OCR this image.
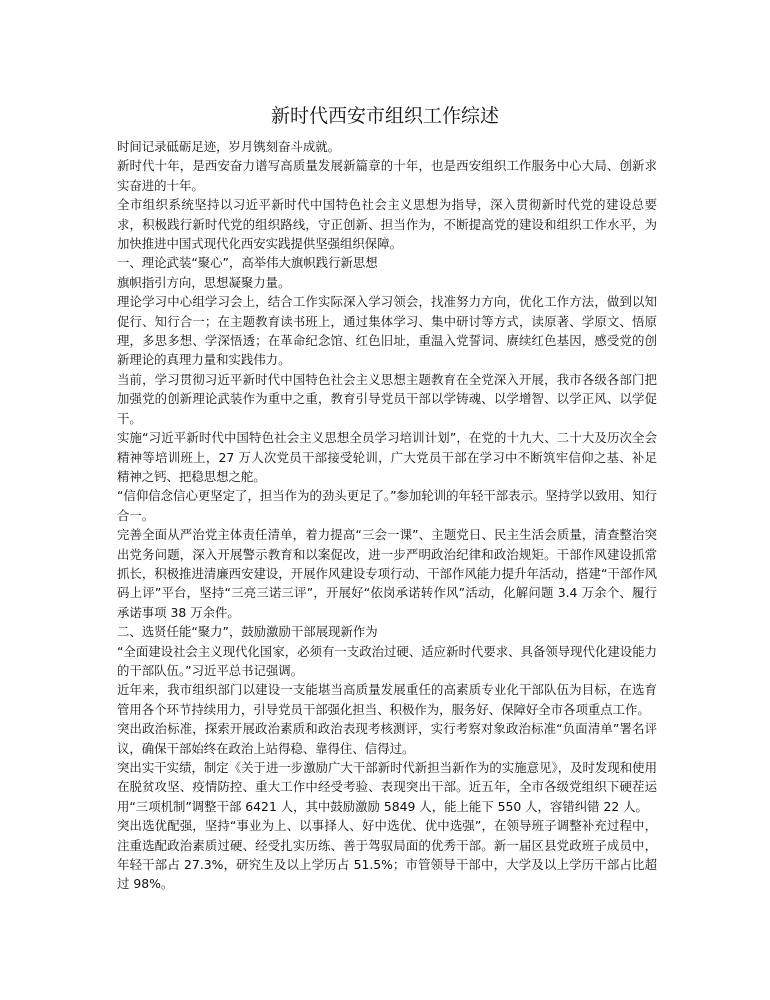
新时代西安市组织工作综述

时间记录砥砺足迹，岁月镌刻奋斗成就。

新时代十年，是西安奋力谱写高质量发展新篇章的十年，也是西安组织工作服务中心大局、创新求实奋进的十年。

全市组织系统坚持以习近平新时代中国特色社会主义思想为指导，深入贯彻新时代党的建设总要求，积极践行新时代党的组织路线，守正创新、担当作为，不断提高党的建设和组织工作水平，为加快推进中国式现代化西安实践提供坚强组织保障。

一、理论武装“聚心”，高举伟大旗帜践行新思想

旗帜指引方向，思想凝聚力量。

理论学习中心组学习会上，结合工作实际深入学习领会，找准努力方向，优化工作方法，做到以知促行、知行合一；在主题教育读书班上，通过集体学习、集中研讨等方式，读原著、学原文、悟原理，多思多想、学深悟透；在革命纪念馆、红色旧址，重温入党誓词、赓续红色基因，感受党的创新理论的真理力量和实践伟力。

当前，学习贯彻习近平新时代中国特色社会主义思想主题教育在全党深入开展，我市各级各部门把加强党的创新理论武装作为重中之重，教育引导党员干部以学铸魂、以学增智、以学正风、以学促干。

实施“习近平新时代中国特色社会主义思想全员学习培训计划”，在党的十九大、二十大及历次全会精神等培训班上，27 万人次党员干部接受轮训，广大党员干部在学习中不断筑牢信仰之基、补足精神之钙、把稳思想之舵。

“信仰信念信心更坚定了，担当作为的劲头更足了。”参加轮训的年轻干部表示。坚持学以致用、知行合一。

完善全面从严治党主体责任清单，着力提高“三会一课”、主题党日、民主生活会质量，清查整治突出党务问题，深入开展警示教育和以案促改，进一步严明政治纪律和政治规矩。干部作风建设抓常抓长，积极推进清廉西安建设，开展作风建设专项行动、干部作风能力提升年活动，搭建“干部作风码上评”平台，坚持“三亮三诺三评”，开展好“依岗承诺转作风”活动，化解问题 3.4 万余个、履行承诺事项 38 万余件。

二、选贤任能“聚力”，鼓励激励干部展现新作为

“全面建设社会主义现代化国家，必须有一支政治过硬、适应新时代要求、具备领导现代化建设能力的干部队伍。”习近平总书记强调。

近年来，我市组织部门以建设一支能堪当高质量发展重任的高素质专业化干部队伍为目标，在选育管用各个环节持续用力，引导党员干部强化担当、积极作为，服务好、保障好全市各项重点工作。

突出政治标准，探索开展政治素质和政治表现考核测评，实行考察对象政治标准“负面清单”署名评议，确保干部始终在政治上站得稳、靠得住、信得过。

突出实干实绩，制定《关于进一步激励广大干部新时代新担当新作为的实施意见》，及时发现和使用在脱贫攻坚、疫情防控、重大工作中经受考验、表现突出干部。近五年，全市各级党组织下硬茬运用“三项机制”调整干部 6421 人，其中鼓励激励 5849 人，能上能下 550 人，容错纠错 22 人。

突出选优配强，坚持“事业为上、以事择人、好中选优、优中选强”，在领导班子调整补充过程中，注重选配政治素质过硬、经受扎实历练、善于驾驭局面的优秀干部。新一届区县党政班子成员中，年轻干部占 27.3%，研究生及以上学历占 51.5%；市管领导干部中，大学及以上学历干部占比超过 98%。
